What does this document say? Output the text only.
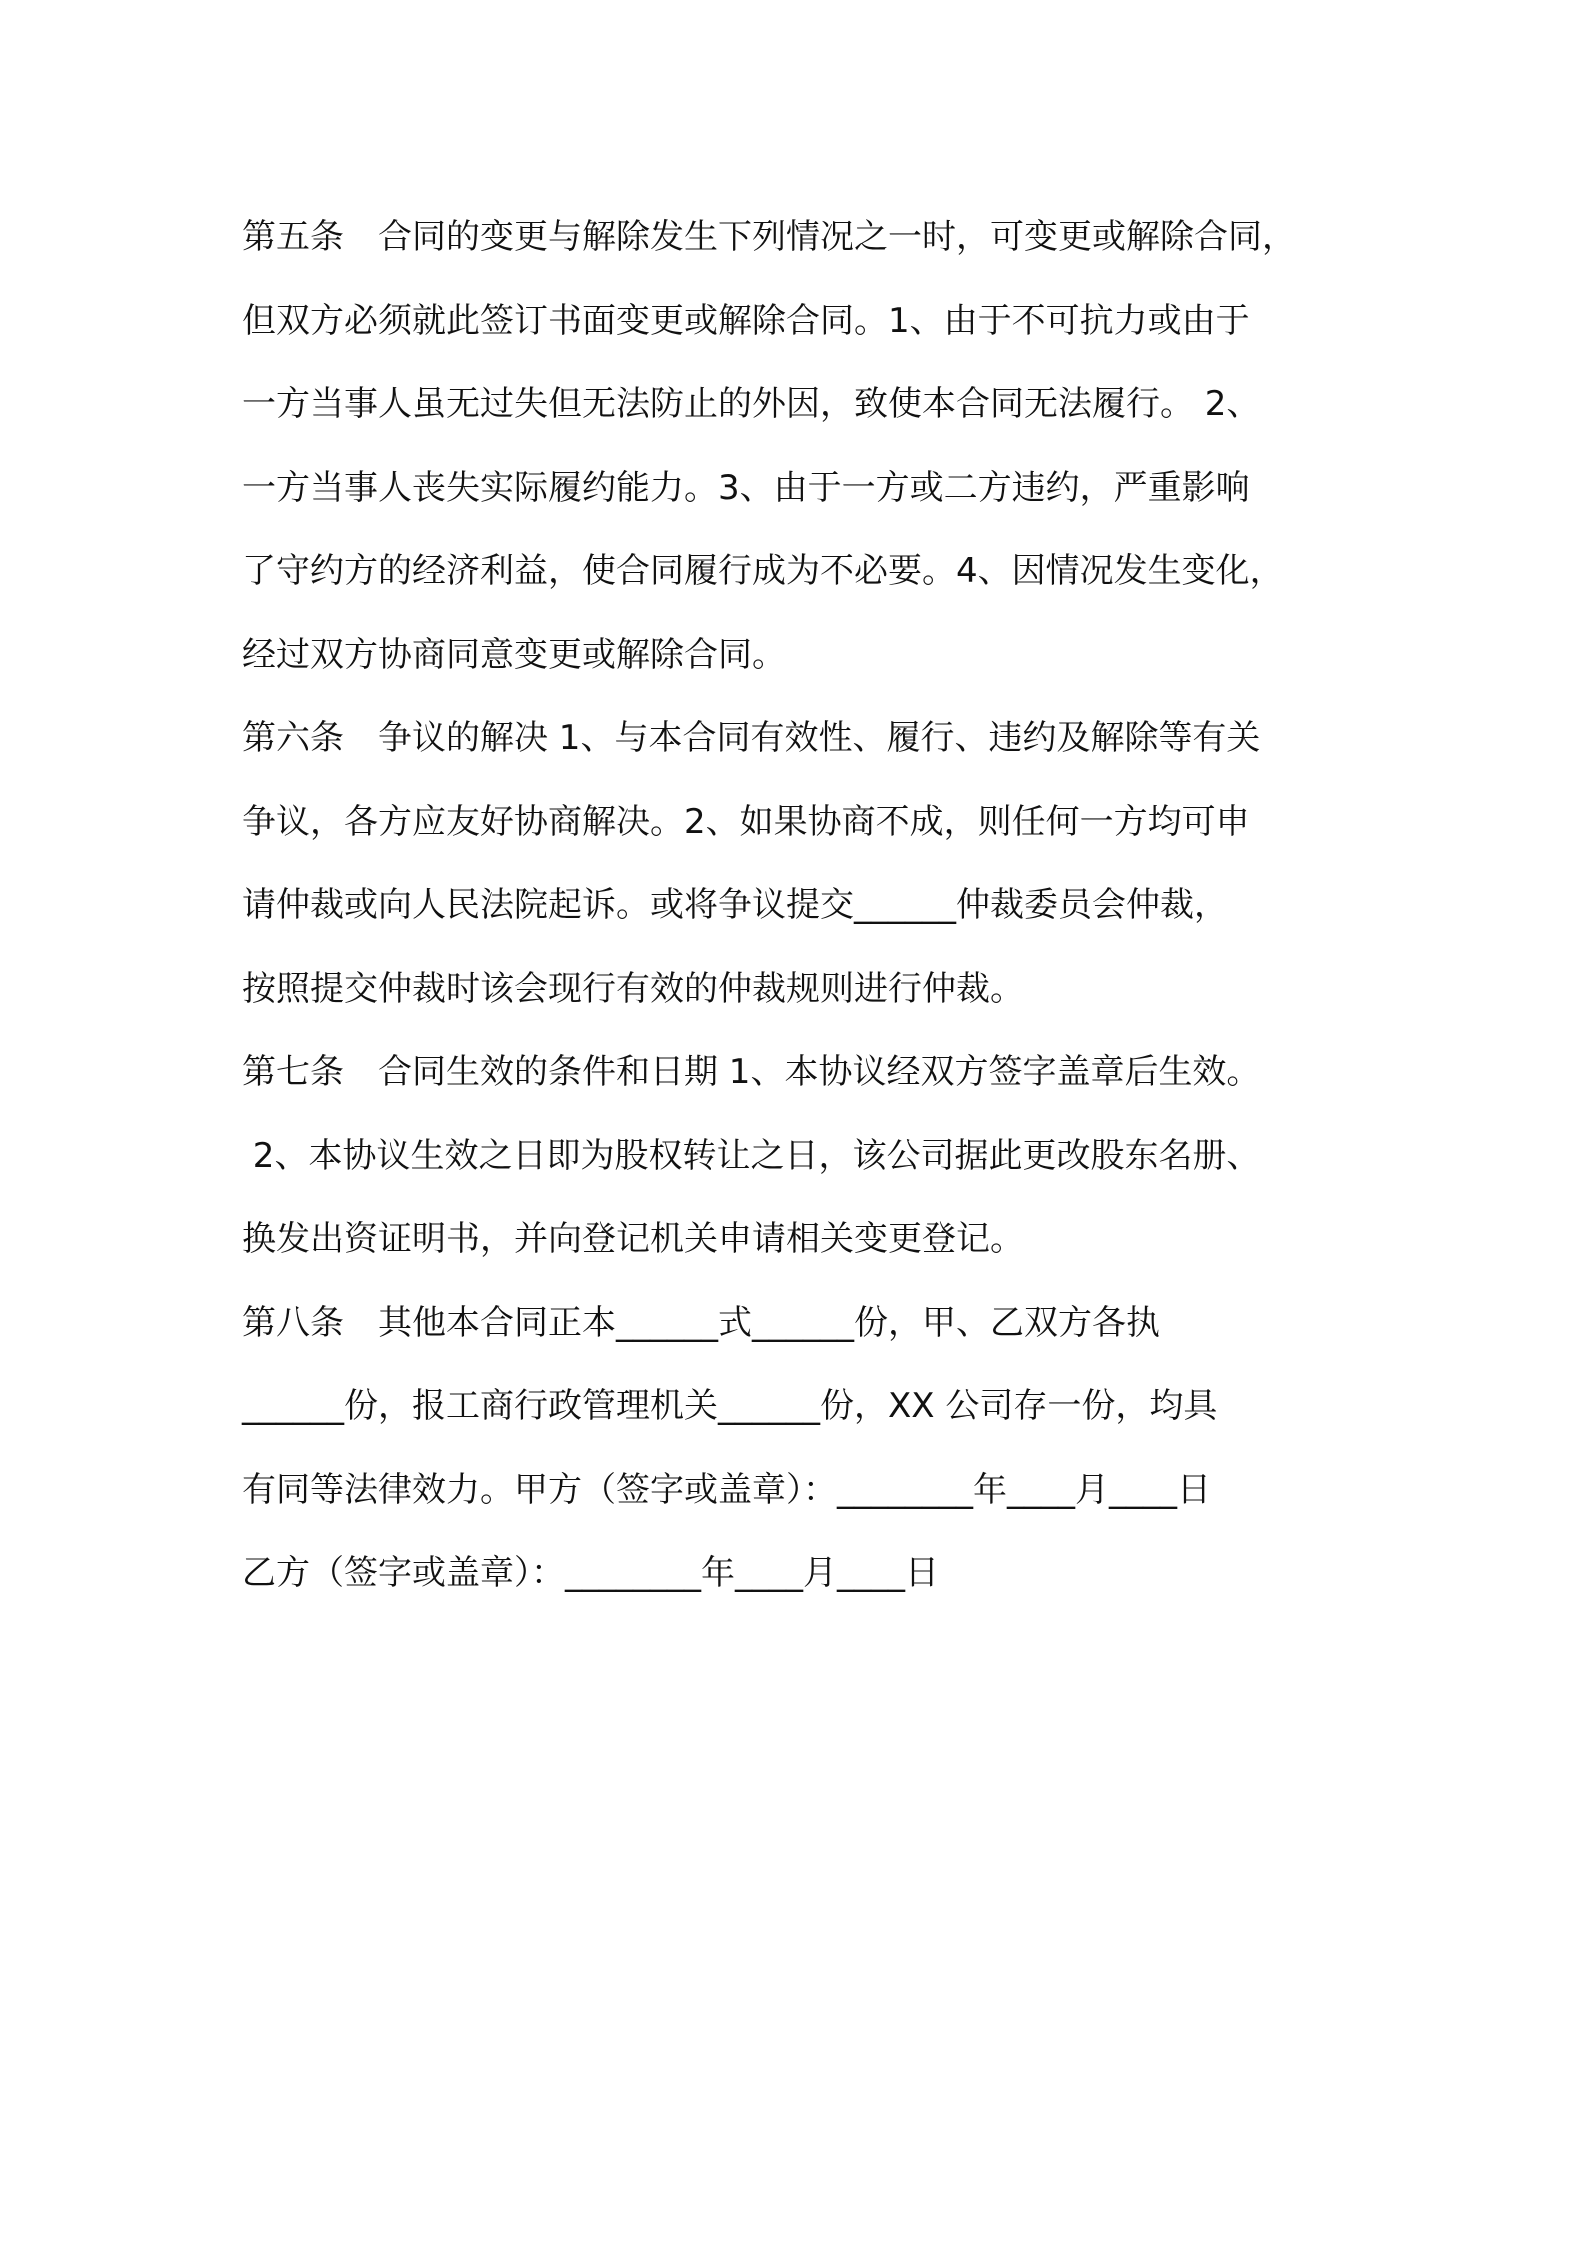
第五条　合同的变更与解除发生下列情况之一时，可变更或解除合同，
但双方必须就此签订书面变更或解除合同。1、由于不可抗力或由于
一方当事人虽无过失但无法防止的外因，致使本合同无法履行。 2、
一方当事人丧失实际履约能力。3、由于一方或二方违约，严重影响
了守约方的经济利益，使合同履行成为不必要。4、因情况发生变化，
经过双方协商同意变更或解除合同。

第六条　争议的解决 1、与本合同有效性、履行、违约及解除等有关
争议，各方应友好协商解决。2、如果协商不成，则任何一方均可申
请仲裁或向人民法院起诉。或将争议提交______仲裁委员会仲裁，
按照提交仲裁时该会现行有效的仲裁规则进行仲裁。

第七条　合同生效的条件和日期 1、本协议经双方签字盖章后生效。
2、本协议生效之日即为股权转让之日，该公司据此更改股东名册、
换发出资证明书，并向登记机关申请相关变更登记。

第八条　其他本合同正本______式______份，甲、乙双方各执
______份，报工商行政管理机关______份，XX 公司存一份，均具
有同等法律效力。甲方（签字或盖章）：________年____月____日
乙方（签字或盖章）：________年____月____日
